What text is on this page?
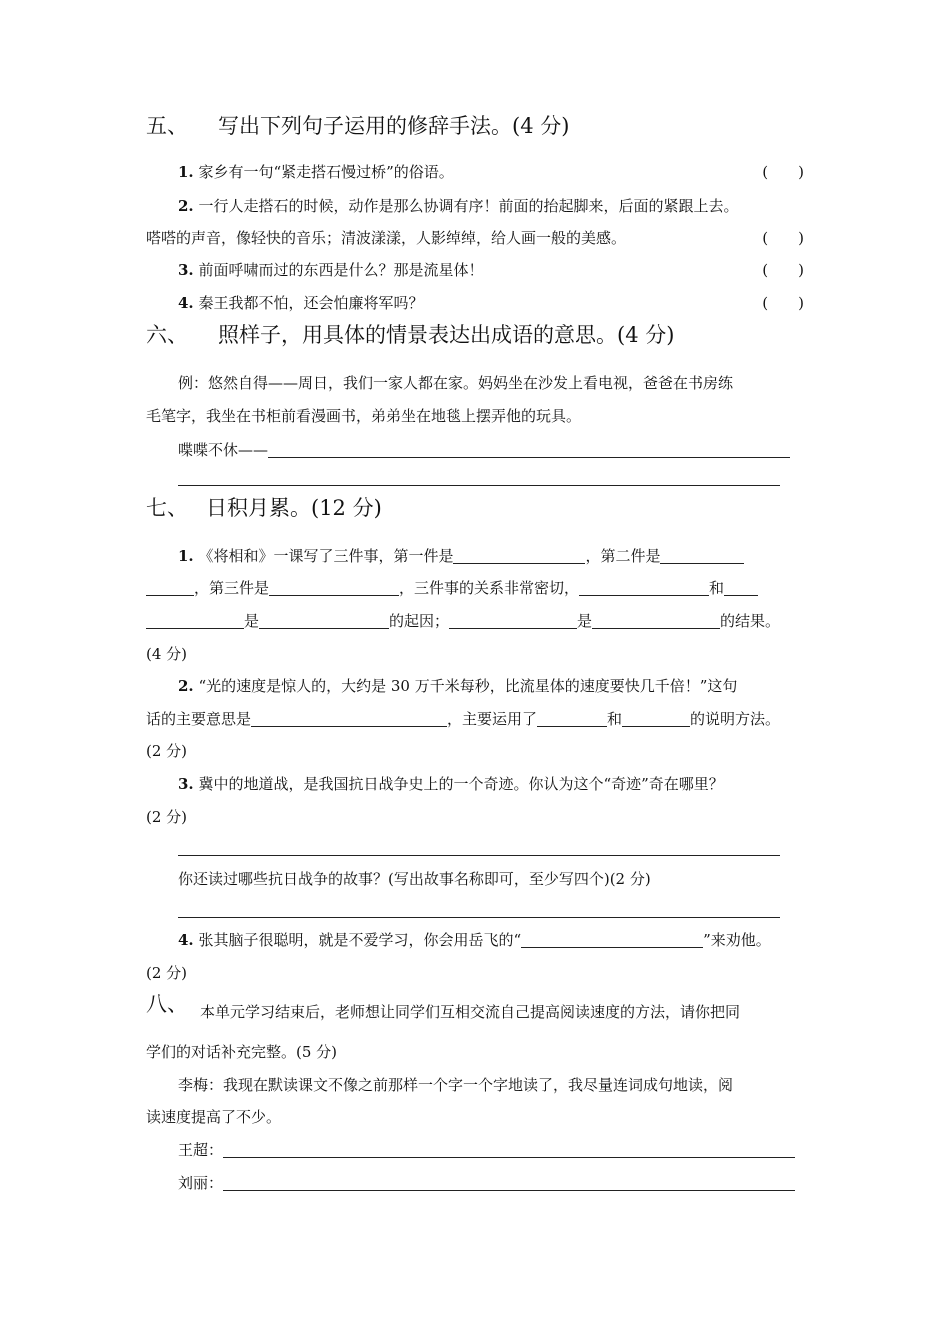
五、 写出下列句子运用的修辞手法。(4 分)
1. 家乡有一句“紧走搭石慢过桥”的俗语。	(　　)
2. 一行人走搭石的时候，动作是那么协调有序！前面的抬起脚来，后面的紧跟上去。
嗒嗒的声音，像轻快的音乐；清波漾漾，人影绰绰，给人画一般的美感。	(　　)
3. 前面呼啸而过的东西是什么？那是流星体！	(　　)
4. 秦王我都不怕，还会怕廉将军吗？	(　　)
六、 照样子，用具体的情景表达出成语的意思。(4 分)
例：悠然自得——周日，我们一家人都在家。妈妈坐在沙发上看电视，爸爸在书房练
毛笔字，我坐在书柜前看漫画书，弟弟坐在地毯上摆弄他的玩具。
喋喋不休——
七、 日积月累。(12 分)
1. 《将相和》一课写了三件事，第一件是	，第二件是
，第三件是	，三件事的关系非常密切，	和
是	的起因；	是	的结果。
(4 分)
2. “光的速度是惊人的，大约是 30 万千米每秒，比流星体的速度要快几千倍！”这句
话的主要意思是	，主要运用了	和	的说明方法。
(2 分)
3. 冀中的地道战，是我国抗日战争史上的一个奇迹。你认为这个“奇迹”奇在哪里？
(2 分)
你还读过哪些抗日战争的故事？(写出故事名称即可，至少写四个)(2 分)
4. 张其脑子很聪明，就是不爱学习，你会用岳飞的“	”来劝他。
(2 分)
八、 本单元学习结束后，老师想让同学们互相交流自己提高阅读速度的方法，请你把同
学们的对话补充完整。(5 分)
李梅：我现在默读课文不像之前那样一个字一个字地读了，我尽量连词成句地读，阅
读速度提高了不少。
王超：
刘丽：
